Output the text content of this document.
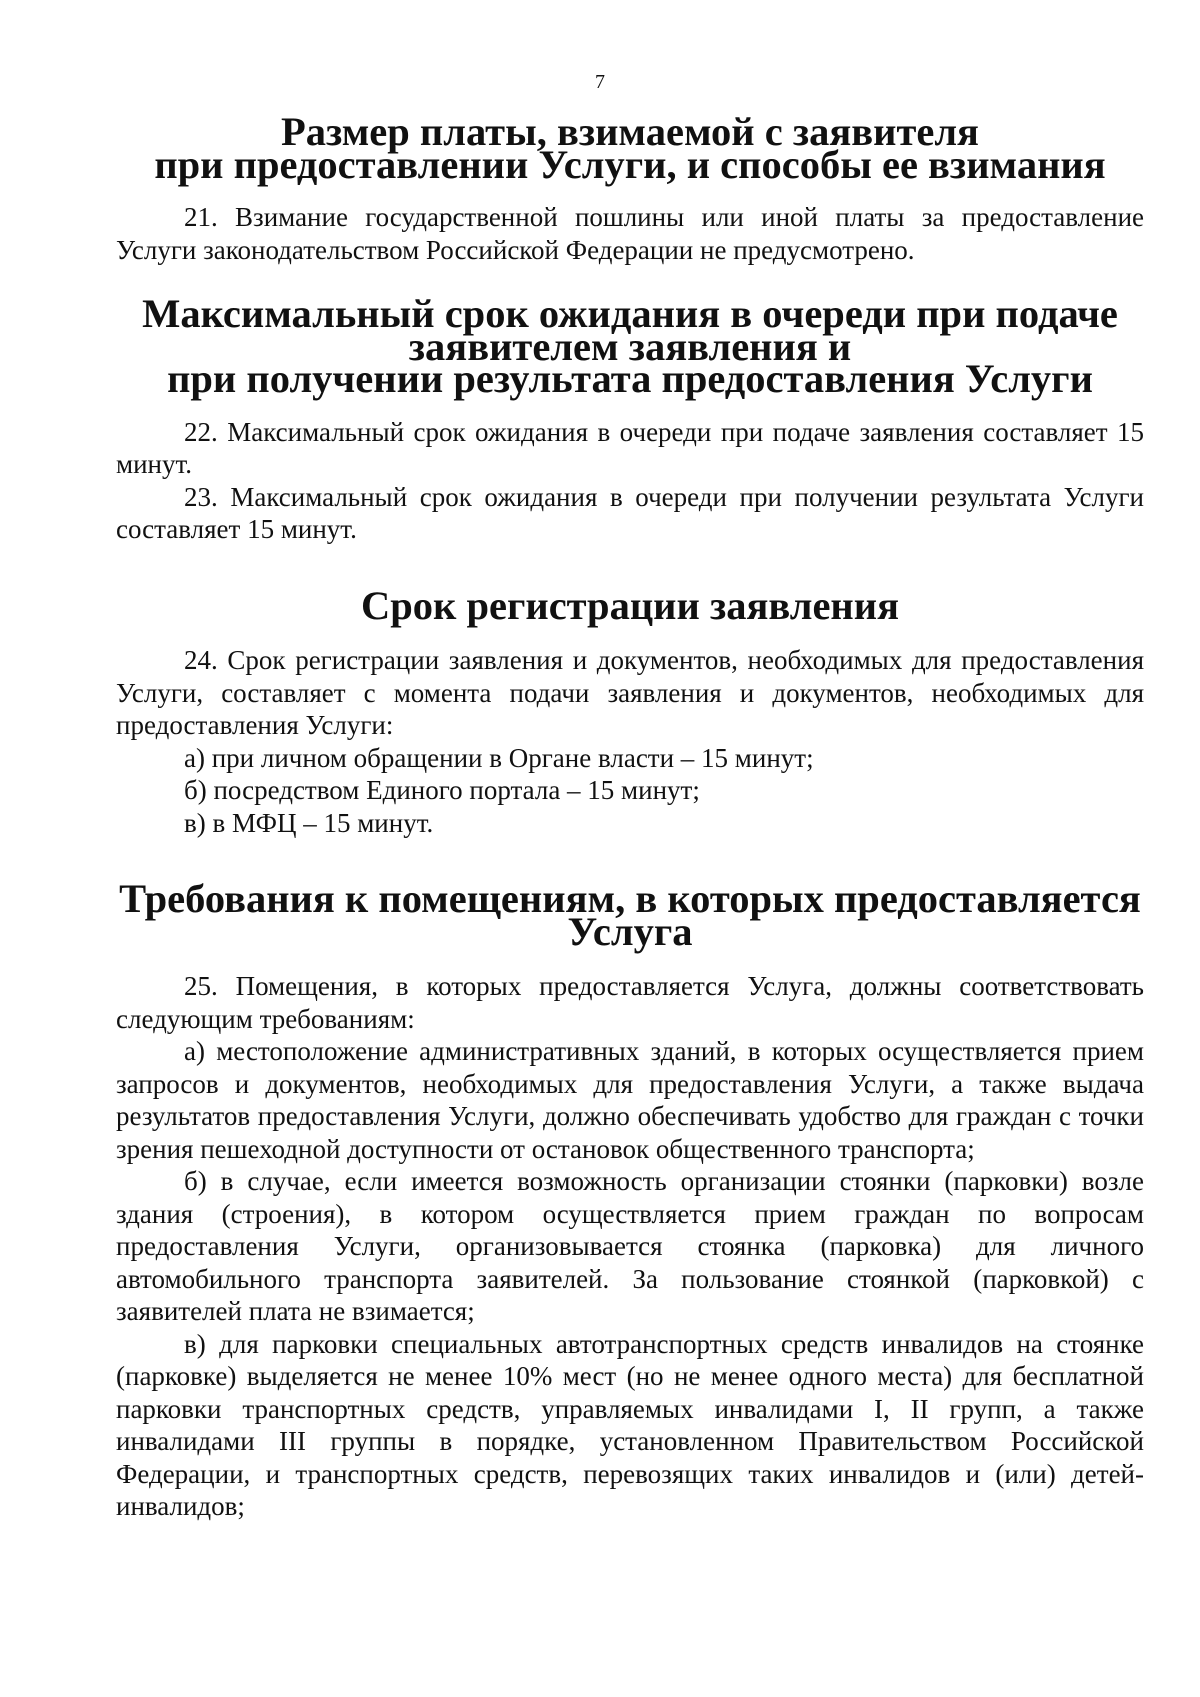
7
Размер платы, взимаемой с заявителя
при предоставлении Услуги, и способы ее взимания

21. Взимание государственной пошлины или иной платы за предоставление Услуги законодательством Российской Федерации не предусмотрено.

Максимальный срок ожидания в очереди при подаче заявителем заявления и
при получении результата предоставления Услуги

22. Максимальный срок ожидания в очереди при подаче заявления составляет 15 минут.

23. Максимальный срок ожидания в очереди при получении результата Услуги составляет 15 минут.

Срок регистрации заявления

24. Срок регистрации заявления и документов, необходимых для предоставления Услуги, составляет с момента подачи заявления и документов, необходимых для предоставления Услуги:

а) при личном обращении в Органе власти – 15 минут;

б) посредством Единого портала – 15 минут;

в) в МФЦ – 15 минут.

Требования к помещениям, в которых предоставляется Услуга

25. Помещения, в которых предоставляется Услуга, должны соответствовать следующим требованиям:

а) местоположение административных зданий, в которых осуществляется прием запросов и документов, необходимых для предоставления Услуги, а также выдача результатов предоставления Услуги, должно обеспечивать удобство для граждан с точки зрения пешеходной доступности от остановок общественного транспорта;

б) в случае, если имеется возможность организации стоянки (парковки) возле здания (строения), в котором осуществляется прием граждан по вопросам предоставления Услуги, организовывается стоянка (парковка) для личного автомобильного транспорта заявителей. За пользование стоянкой (парковкой) с заявителей плата не взимается;

в) для парковки специальных автотранспортных средств инвалидов на стоянке (парковке) выделяется не менее 10% мест (но не менее одного места) для бесплатной парковки транспортных средств, управляемых инвалидами I, II групп, а также инвалидами III группы в порядке, установленном Правительством Российской Федерации, и транспортных средств, перевозящих таких инвалидов и (или) детей-инвалидов;
